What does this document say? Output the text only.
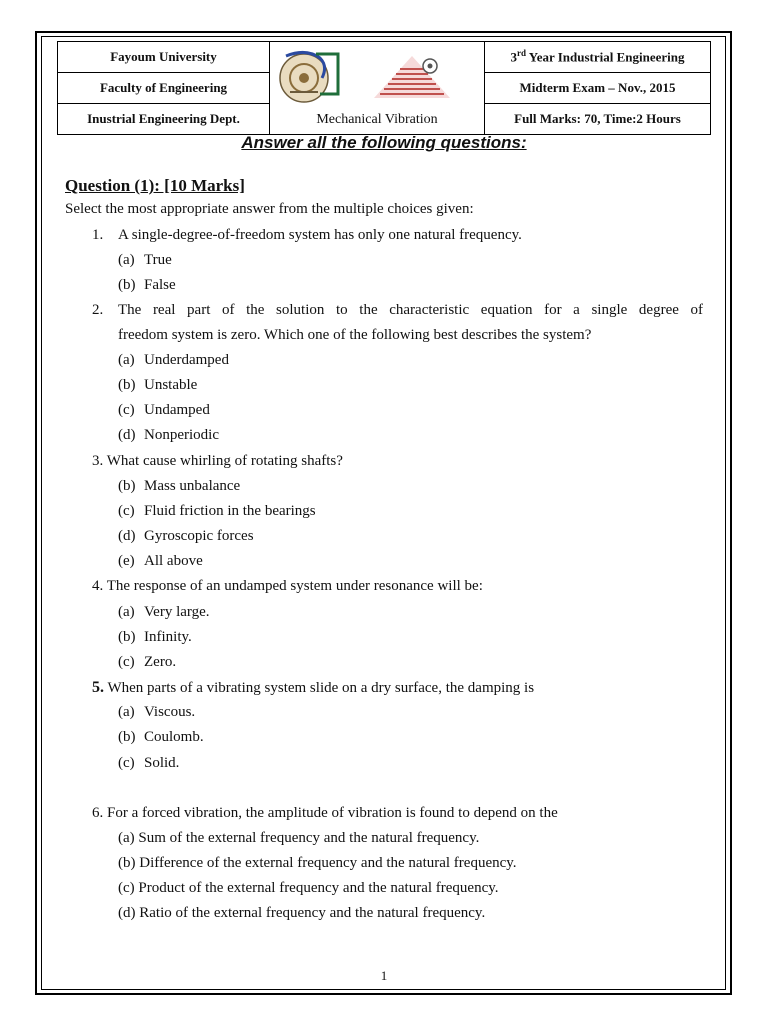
Fayoum University	Mechanical Vibration	3rd Year Industrial Engineering
Faculty of Engineering		Midterm Exam – Nov., 2015
Inustrial Engineering Dept.		Full Marks: 70, Time:2 Hours
Answer all the following questions:
Question (1): [10 Marks]
Select the most appropriate answer from the multiple choices given:
1. A single-degree-of-freedom system has only one natural frequency.
(a) True
(b) False
2. The real part of the solution to the characteristic equation for a single degree of
freedom system is zero. Which one of the following best describes the system?
(a) Underdamped
(b) Unstable
(c) Undamped
(d) Nonperiodic
3. What cause whirling of rotating shafts?
(b) Mass unbalance
(c) Fluid friction in the bearings
(d) Gyroscopic forces
(e) All above
4. The response of an undamped system under resonance will be:
(a) Very large.
(b) Infinity.
(c) Zero.
5. When parts of a vibrating system slide on a dry surface, the damping is
(a) Viscous.
(b) Coulomb.
(c) Solid.
6. For a forced vibration, the amplitude of vibration is found to depend on the
(a) Sum of the external frequency and the natural frequency.
(b) Difference of the external frequency and the natural frequency.
(c) Product of the external frequency and the natural frequency.
(d) Ratio of the external frequency and the natural frequency.
1
